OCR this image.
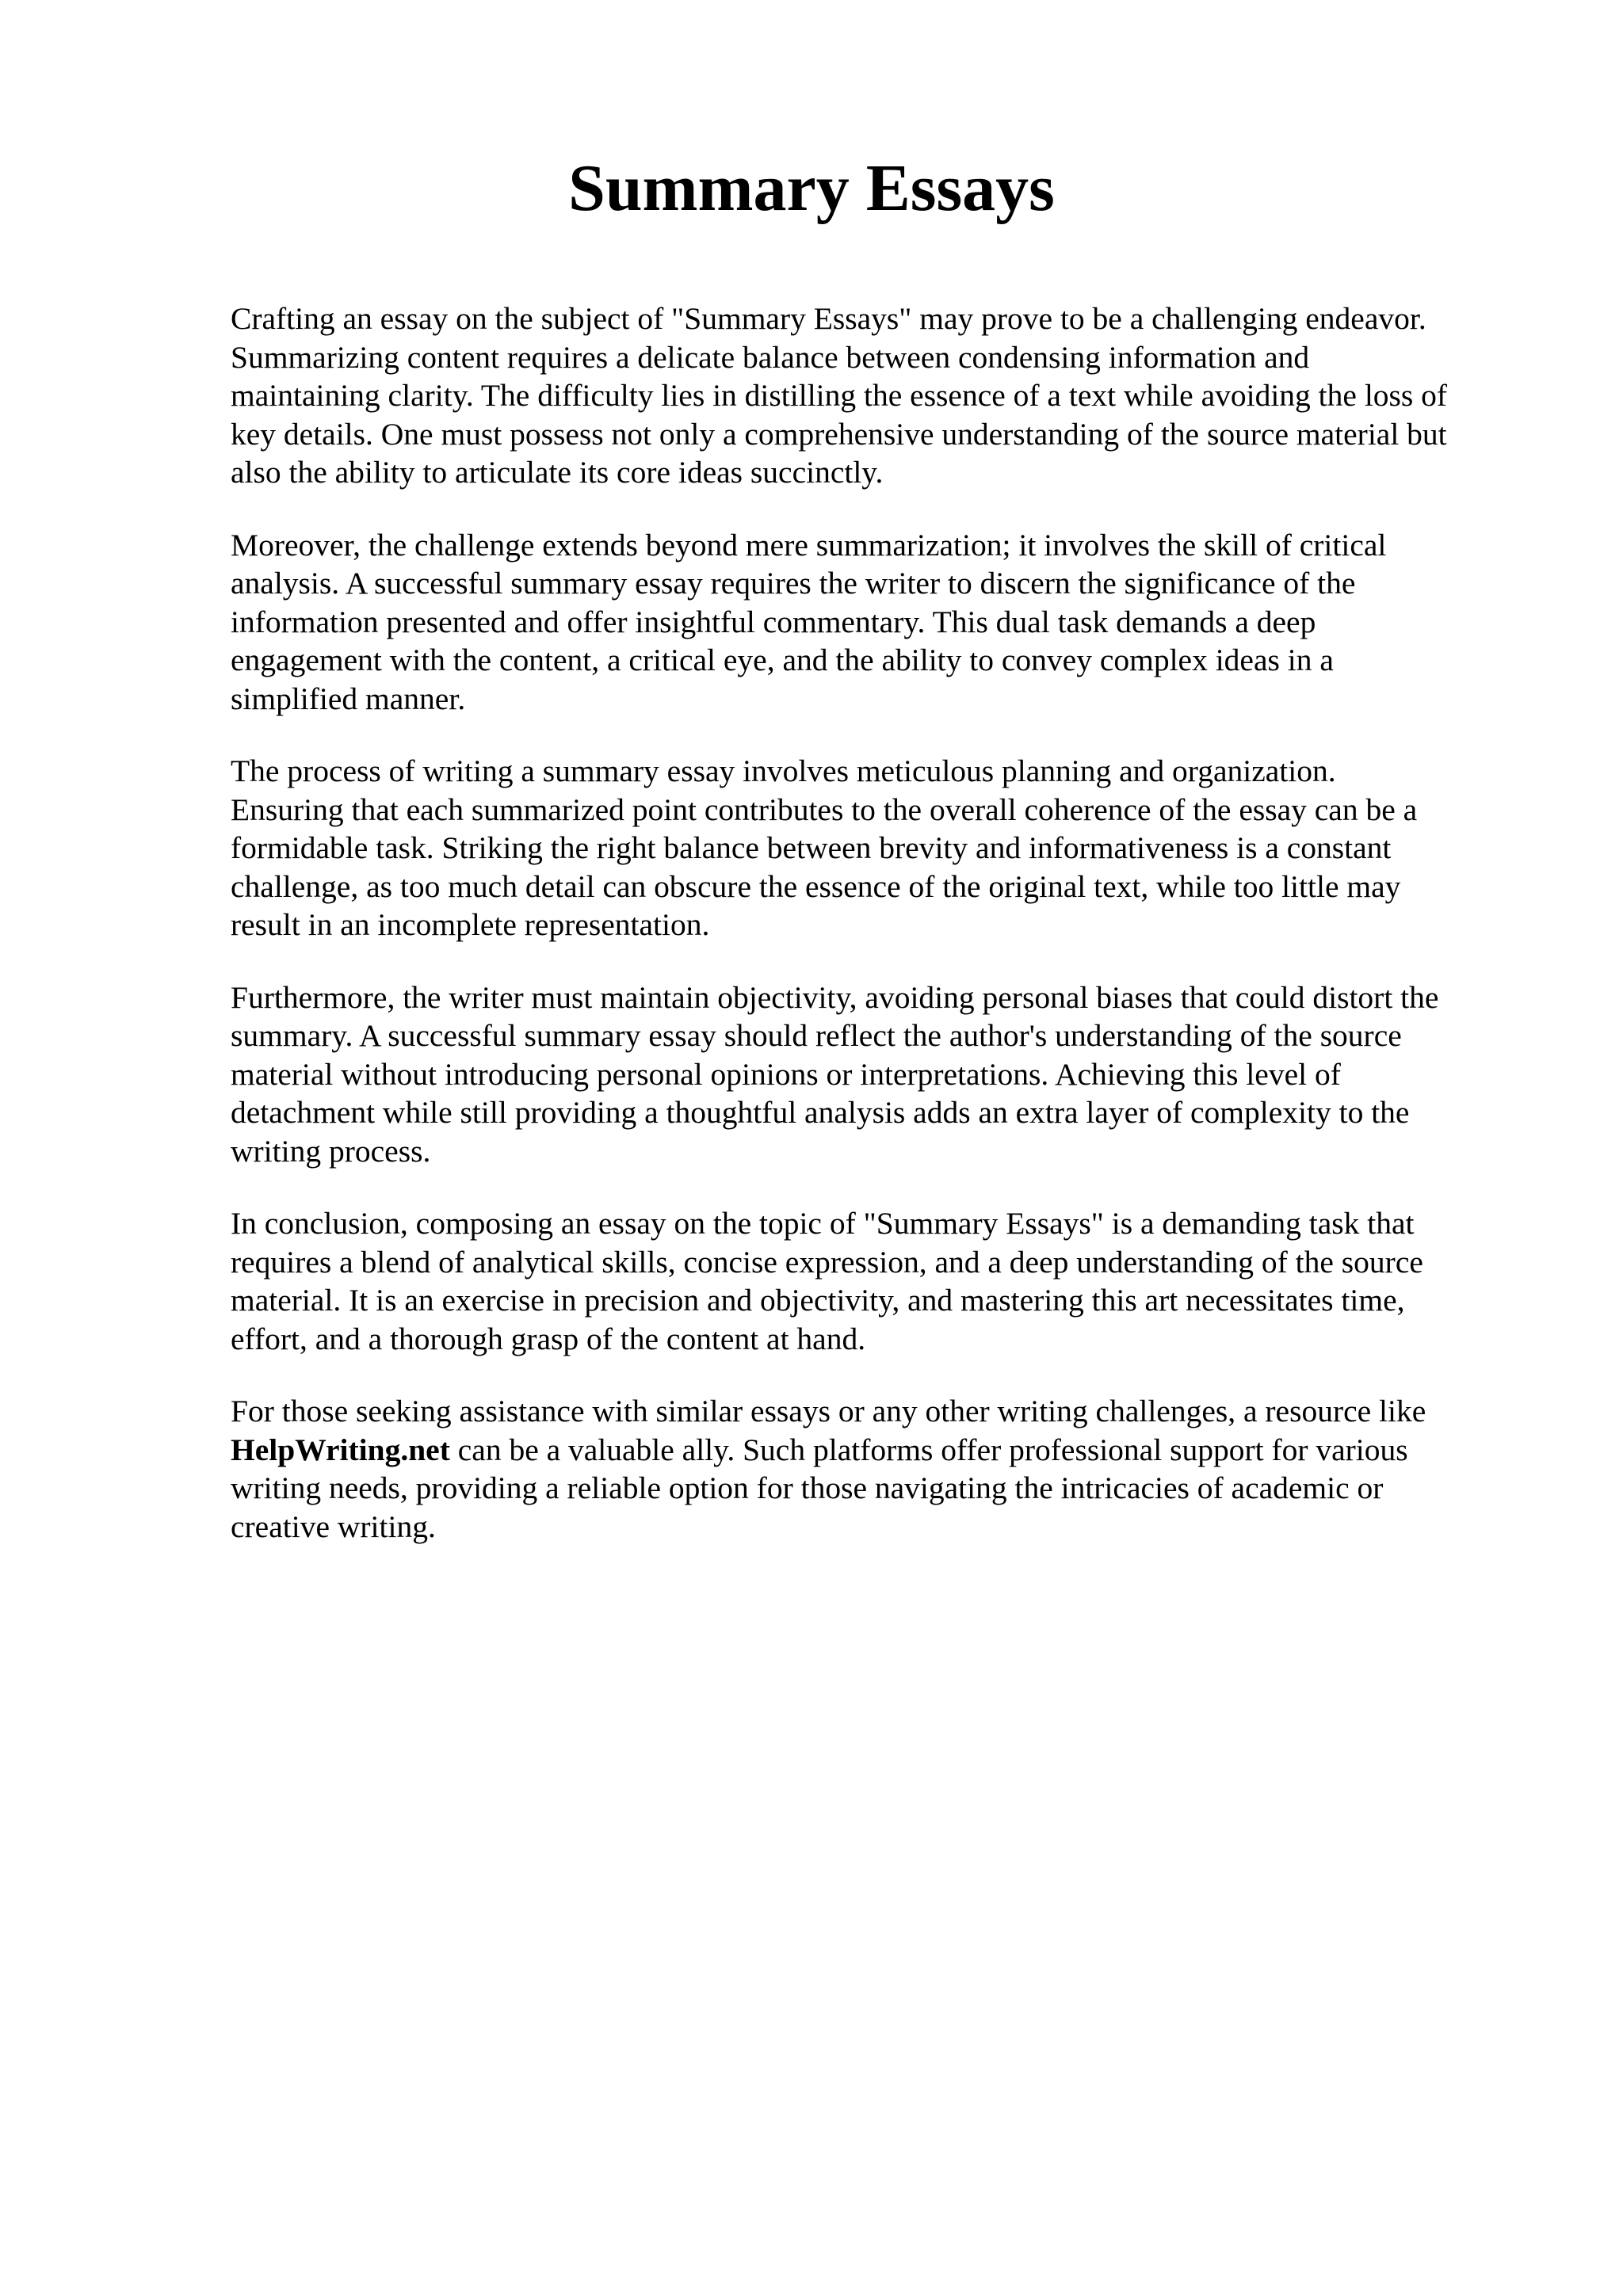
Summary Essays

Crafting an essay on the subject of "Summary Essays" may prove to be a challenging endeavor.
Summarizing content requires a delicate balance between condensing information and
maintaining clarity. The difficulty lies in distilling the essence of a text while avoiding the loss of
key details. One must possess not only a comprehensive understanding of the source material but
also the ability to articulate its core ideas succinctly.

Moreover, the challenge extends beyond mere summarization; it involves the skill of critical
analysis. A successful summary essay requires the writer to discern the significance of the
information presented and offer insightful commentary. This dual task demands a deep
engagement with the content, a critical eye, and the ability to convey complex ideas in a
simplified manner.

The process of writing a summary essay involves meticulous planning and organization.
Ensuring that each summarized point contributes to the overall coherence of the essay can be a
formidable task. Striking the right balance between brevity and informativeness is a constant
challenge, as too much detail can obscure the essence of the original text, while too little may
result in an incomplete representation.

Furthermore, the writer must maintain objectivity, avoiding personal biases that could distort the
summary. A successful summary essay should reflect the author's understanding of the source
material without introducing personal opinions or interpretations. Achieving this level of
detachment while still providing a thoughtful analysis adds an extra layer of complexity to the
writing process.

In conclusion, composing an essay on the topic of "Summary Essays" is a demanding task that
requires a blend of analytical skills, concise expression, and a deep understanding of the source
material. It is an exercise in precision and objectivity, and mastering this art necessitates time,
effort, and a thorough grasp of the content at hand.

For those seeking assistance with similar essays or any other writing challenges, a resource like
HelpWriting.net can be a valuable ally. Such platforms offer professional support for various
writing needs, providing a reliable option for those navigating the intricacies of academic or
creative writing.
